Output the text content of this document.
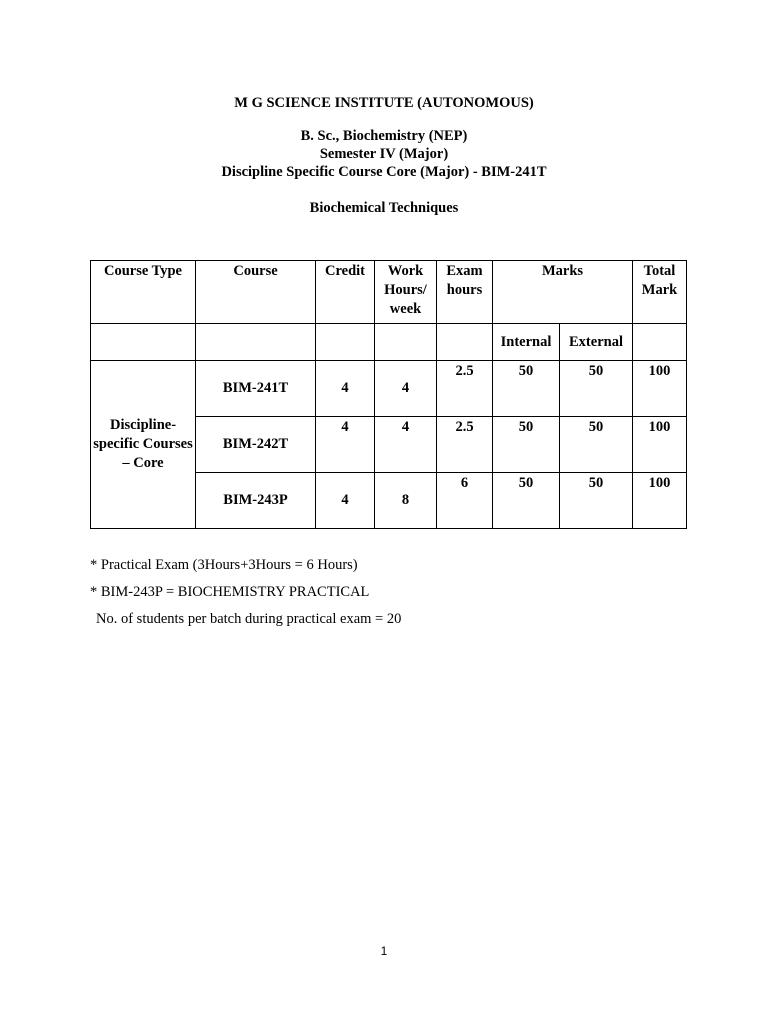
M G SCIENCE INSTITUTE (AUTONOMOUS)
B. Sc., Biochemistry (NEP)
Semester IV (Major)
Discipline Specific Course Core (Major) - BIM-241T
Biochemical Techniques
Course Type	Course	Credit	Work Hours/ week	Exam hours	Marks		Total Mark
					Internal	External	
Discipline-specific Courses – Core	BIM-241T	4	4	2.5	50	50	100
	BIM-242T	4	4	2.5	50	50	100
	BIM-243P	4	8	6	50	50	100
* Practical Exam (3Hours+3Hours = 6 Hours)
* BIM-243P = BIOCHEMISTRY PRACTICAL
No. of students per batch during practical exam = 20
1
